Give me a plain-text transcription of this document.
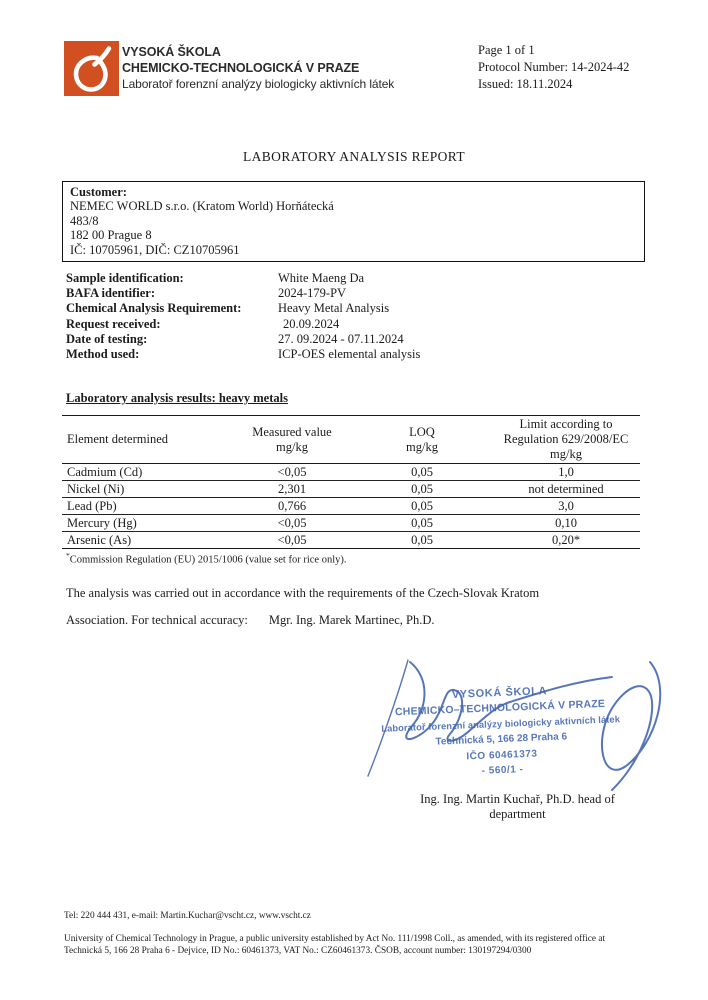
VYSOKÁ ŠKOLA
CHEMICKO-TECHNOLOGICKÁ V PRAZE
Laboratoř forenzní analýzy biologicky aktivních látek
Page 1 of 1
Protocol Number: 14-2024-42
Issued: 18.11.2024
LABORATORY ANALYSIS REPORT
Customer:
NEMEC WORLD s.r.o. (Kratom World) Horňátecká
483/8
182 00 Prague 8
IČ: 10705961, DIČ: CZ10705961
Sample identification:	White Maeng Da
BAFA identifier:	2024-179-PV
Chemical Analysis Requirement:	Heavy Metal Analysis
Request received:	20.09.2024
Date of testing:	27. 09.2024 - 07.11.2024
Method used:	ICP-OES elemental analysis
Laboratory analysis results: heavy metals
Element determined

Measured value
mg/kg

LOQ
mg/kg

Limit according to
Regulation 629/2008/EC
mg/kg

Cadmium (Cd)	<0,05	0,05	1,0
Nickel (Ni)	2,301	0,05	not determined
Lead (Pb)	0,766	0,05	3,0
Mercury (Hg)	<0,05	0,05	0,10
Arsenic (As)	<0,05	0,05	0,20*
*Commission Regulation (EU) 2015/1006 (value set for rice only).
The analysis was carried out in accordance with the requirements of the Czech-Slovak Kratom
Association. For technical accuracy: Mgr. Ing. Marek Martinec, Ph.D.
VYSOKÁ ŠKOLA
CHEMICKO–TECHNOLOGICKÁ V PRAZE
Laboratoř forenzní analýzy biologicky aktivních látek
Technická 5, 166 28 Praha 6
IČO 60461373
- 560/1 -
Ing. Ing. Martin Kuchař, Ph.D. head of
department
Tel: 220 444 431, e-mail: Martin.Kuchar@vscht.cz, www.vscht.cz
University of Chemical Technology in Prague, a public university established by Act No. 111/1998 Coll., as amended, with its registered office at
Technická 5, 166 28 Praha 6 - Dejvice, ID No.: 60461373, VAT No.: CZ60461373. ČSOB, account number: 130197294/0300
